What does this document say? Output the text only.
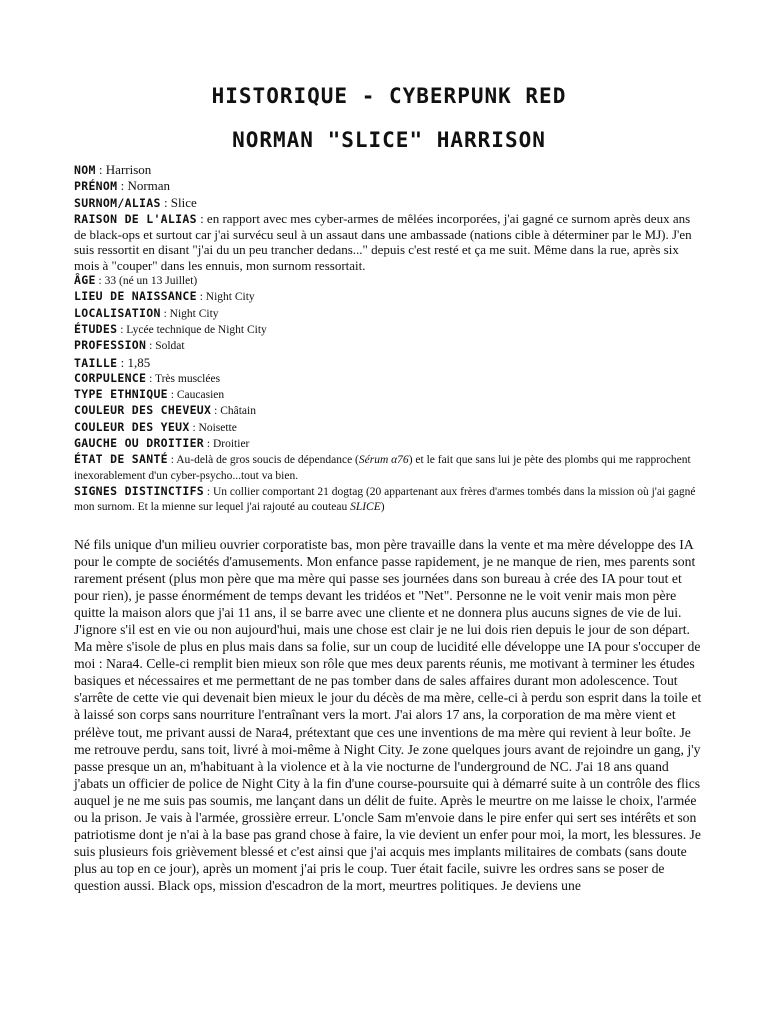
HISTORIQUE - CYBERPUNK RED
NORMAN "SLICE" HARRISON
NOM : Harrison
PRÉNOM : Norman
SURNOM/ALIAS : Slice
RAISON DE L'ALIAS : en rapport avec mes cyber-armes de mêlées incorporées, j'ai gagné ce surnom après deux ans de black-ops et surtout car j'ai survécu seul à un assaut dans une ambassade (nations cible à déterminer par le MJ). J'en suis ressortit en disant "j'ai du un peu trancher dedans..." depuis c'est resté et ça me suit. Même dans la rue, après six mois à "couper" dans les ennuis, mon surnom ressortait.
ÂGE : 33 (né un 13 Juillet)
LIEU DE NAISSANCE : Night City
LOCALISATION : Night City
ÉTUDES : Lycée technique de Night City
PROFESSION : Soldat
TAILLE : 1,85
CORPULENCE : Très musclées
TYPE ETHNIQUE : Caucasien
COULEUR DES CHEVEUX : Châtain
COULEUR DES YEUX : Noisette
GAUCHE OU DROITIER : Droitier
ÉTAT DE SANTÉ : Au-delà de gros soucis de dépendance (Sérum α76) et le fait que sans lui je pète des plombs qui me rapprochent inexorablement d'un cyber-psycho...tout va bien.
SIGNES DISTINCTIFS : Un collier comportant 21 dogtag (20 appartenant aux frères d'armes tombés dans la mission où j'ai gagné mon surnom. Et la mienne sur lequel j'ai rajouté au couteau SLICE)

Né fils unique d'un milieu ouvrier corporatiste bas, mon père travaille dans la vente et ma mère développe des IA pour le compte de sociétés d'amusements. Mon enfance passe rapidement, je ne manque de rien, mes parents sont rarement présent (plus mon père que ma mère qui passe ses journées dans son bureau à crée des IA pour tout et pour rien), je passe énormément de temps devant les tridéos et "Net". Personne ne le voit venir mais mon père quitte la maison alors que j'ai 11 ans, il se barre avec une cliente et ne donnera plus aucuns signes de vie de lui. J'ignore s'il est en vie ou non aujourd'hui, mais une chose est clair je ne lui dois rien depuis le jour de son départ. Ma mère s'isole de plus en plus mais dans sa folie, sur un coup de lucidité elle développe une IA pour s'occuper de moi : Nara4. Celle-ci remplit bien mieux son rôle que mes deux parents réunis, me motivant à terminer les études basiques et nécessaires et me permettant de ne pas tomber dans de sales affaires durant mon adolescence. Tout s'arrête de cette vie qui devenait bien mieux le jour du décès de ma mère, celle-ci à perdu son esprit dans la toile et à laissé son corps sans nourriture l'entraînant vers la mort. J'ai alors 17 ans, la corporation de ma mère vient et prélève tout, me privant aussi de Nara4, prétextant que ces une inventions de ma mère qui revient à leur boîte. Je me retrouve perdu, sans toit, livré à moi-même à Night City. Je zone quelques jours avant de rejoindre un gang, j'y passe presque un an, m'habituant à la violence et à la vie nocturne de l'underground de NC. J'ai 18 ans quand j'abats un officier de police de Night City à la fin d'une course-poursuite qui à démarré suite à un contrôle des flics auquel je ne me suis pas soumis, me lançant dans un délit de fuite. Après le meurtre on me laisse le choix, l'armée ou la prison. Je vais à l'armée, grossière erreur. L'oncle Sam m'envoie dans le pire enfer qui sert ses intérêts et son patriotisme dont je n'ai à la base pas grand chose à faire, la vie devient un enfer pour moi, la mort, les blessures. Je suis plusieurs fois grièvement blessé et c'est ainsi que j'ai acquis mes implants militaires de combats (sans doute plus au top en ce jour), après un moment j'ai pris le coup. Tuer était facile, suivre les ordres sans se poser de question aussi. Black ops, mission d'escadron de la mort, meurtres politiques. Je deviens une
